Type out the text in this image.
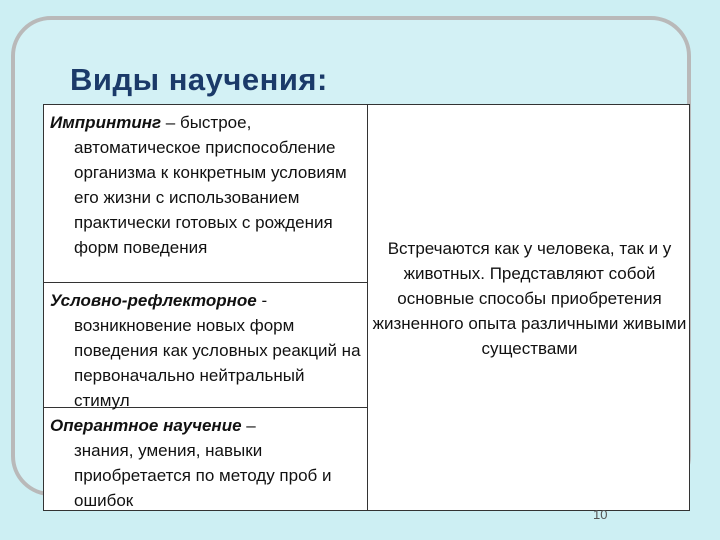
Виды научения:
Импринтинг – быстрое,
автоматическое приспособление организма к конкретным условиям его жизни с использованием практически готовых с рождения форм поведения
Условно-рефлекторное -
возникновение новых форм поведения как условных реакций на первоначально нейтральный стимул
Оперантное научение –
знания, умения, навыки приобретается по методу проб и ошибок
Встречаются как у человека, так и у животных. Представляют собой основные способы приобретения жизненного опыта различными живыми существами
10
